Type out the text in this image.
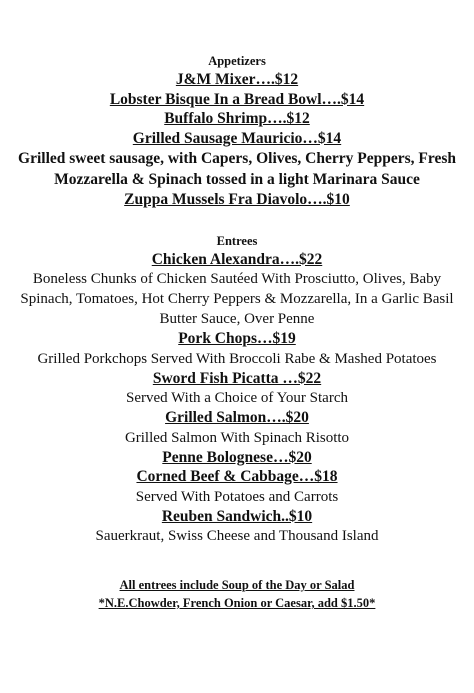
Appetizers

J&M Mixer….$12

Lobster Bisque In a Bread Bowl….$14

Buffalo Shrimp….$12

Grilled Sausage Mauricio…$14

Grilled sweet sausage, with Capers, Olives, Cherry Peppers, Fresh Mozzarella & Spinach tossed in a light Marinara Sauce

Zuppa Mussels Fra Diavolo….$10

Entrees

Chicken Alexandra….$22

Boneless Chunks of Chicken Sautéed With Prosciutto, Olives, Baby Spinach, Tomatoes, Hot Cherry Peppers & Mozzarella, In a Garlic Basil Butter Sauce, Over Penne

Pork Chops…$19

Grilled Porkchops Served With Broccoli Rabe & Mashed Potatoes

Sword Fish Picatta …$22

Served With a Choice of Your Starch

Grilled Salmon….$20

Grilled Salmon With Spinach Risotto

Penne Bolognese…$20

Corned Beef & Cabbage…$18

Served With Potatoes and Carrots

Reuben Sandwich..$10

Sauerkraut, Swiss Cheese and Thousand Island

All entrees include Soup of the Day or Salad

*N.E.Chowder, French Onion or Caesar, add $1.50*
